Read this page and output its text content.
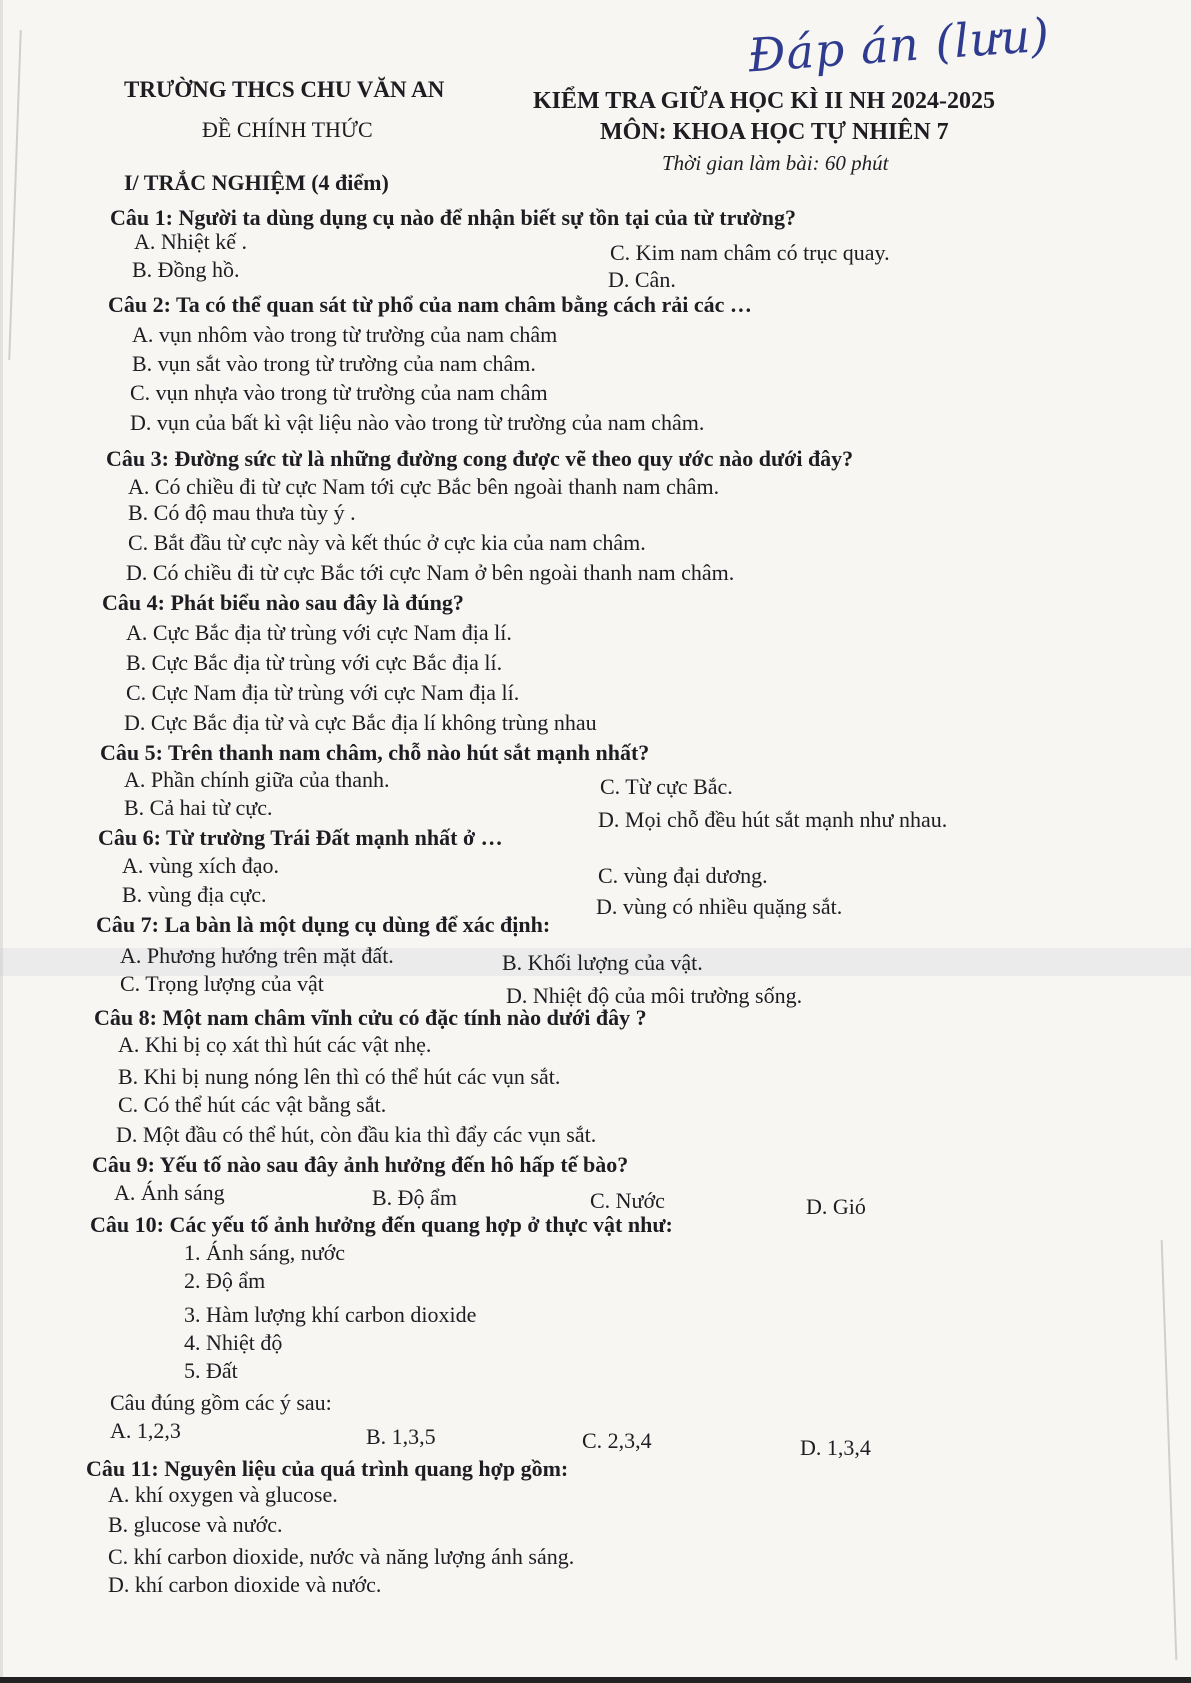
Đáp án (lưu)
TRƯỜNG THCS CHU VĂN AN
ĐỀ CHÍNH THỨC
KIỂM TRA GIỮA HỌC KÌ II NH 2024-2025
MÔN: KHOA HỌC TỰ NHIÊN 7
Thời gian làm bài: 60 phút
I/ TRẮC NGHIỆM (4 điểm)
Câu 1: Người ta dùng dụng cụ nào để nhận biết sự tồn tại của từ trường?
A. Nhiệt kế .	C. Kim nam châm có trục quay.
B. Đồng hồ.	D. Cân.
Câu 2: Ta có thể quan sát từ phổ của nam châm bằng cách rải các …
A. vụn nhôm vào trong từ trường của nam châm
B. vụn sắt vào trong từ trường của nam châm.
C. vụn nhựa vào trong từ trường của nam châm
D. vụn của bất kì vật liệu nào vào trong từ trường của nam châm.
Câu 3: Đường sức từ là những đường cong được vẽ theo quy ước nào dưới đây?
A. Có chiều đi từ cực Nam tới cực Bắc bên ngoài thanh nam châm.
B. Có độ mau thưa tùy ý .
C. Bắt đầu từ cực này và kết thúc ở cực kia của nam châm.
D. Có chiều đi từ cực Bắc tới cực Nam ở bên ngoài thanh nam châm.
Câu 4: Phát biểu nào sau đây là đúng?
A. Cực Bắc địa từ trùng với cực Nam địa lí.
B. Cực Bắc địa từ trùng với cực Bắc địa lí.
C. Cực Nam địa từ trùng với cực Nam địa lí.
D. Cực Bắc địa từ và cực Bắc địa lí không trùng nhau
Câu 5: Trên thanh nam châm, chỗ nào hút sắt mạnh nhất?
A. Phần chính giữa của thanh.	C. Từ cực Bắc.
B. Cả hai từ cực.	D. Mọi chỗ đều hút sắt mạnh như nhau.
Câu 6: Từ trường Trái Đất mạnh nhất ở …
A. vùng xích đạo.	C. vùng đại dương.
B. vùng địa cực.	D. vùng có nhiều quặng sắt.
Câu 7: La bàn là một dụng cụ dùng để xác định:
A. Phương hướng trên mặt đất.	B. Khối lượng của vật.
C. Trọng lượng của vật	D. Nhiệt độ của môi trường sống.
Câu 8: Một nam châm vĩnh cửu có đặc tính nào dưới đây ?
A. Khi bị cọ xát thì hút các vật nhẹ.
B. Khi bị nung nóng lên thì có thể hút các vụn sắt.
C. Có thể hút các vật bằng sắt.
D. Một đầu có thể hút, còn đầu kia thì đẩy các vụn sắt.
Câu 9: Yếu tố nào sau đây ảnh hưởng đến hô hấp tế bào?
A. Ánh sáng	B. Độ ẩm	C. Nước	D. Gió
Câu 10: Các yếu tố ảnh hưởng đến quang hợp ở thực vật như:
1. Ánh sáng, nước
2. Độ ẩm
3. Hàm lượng khí carbon dioxide
4. Nhiệt độ
5. Đất
Câu đúng gồm các ý sau:
A. 1,2,3	B. 1,3,5	C. 2,3,4	D. 1,3,4
Câu 11: Nguyên liệu của quá trình quang hợp gồm:
A. khí oxygen và glucose.
B. glucose và nước.
C. khí carbon dioxide, nước và năng lượng ánh sáng.
D. khí carbon dioxide và nước.
